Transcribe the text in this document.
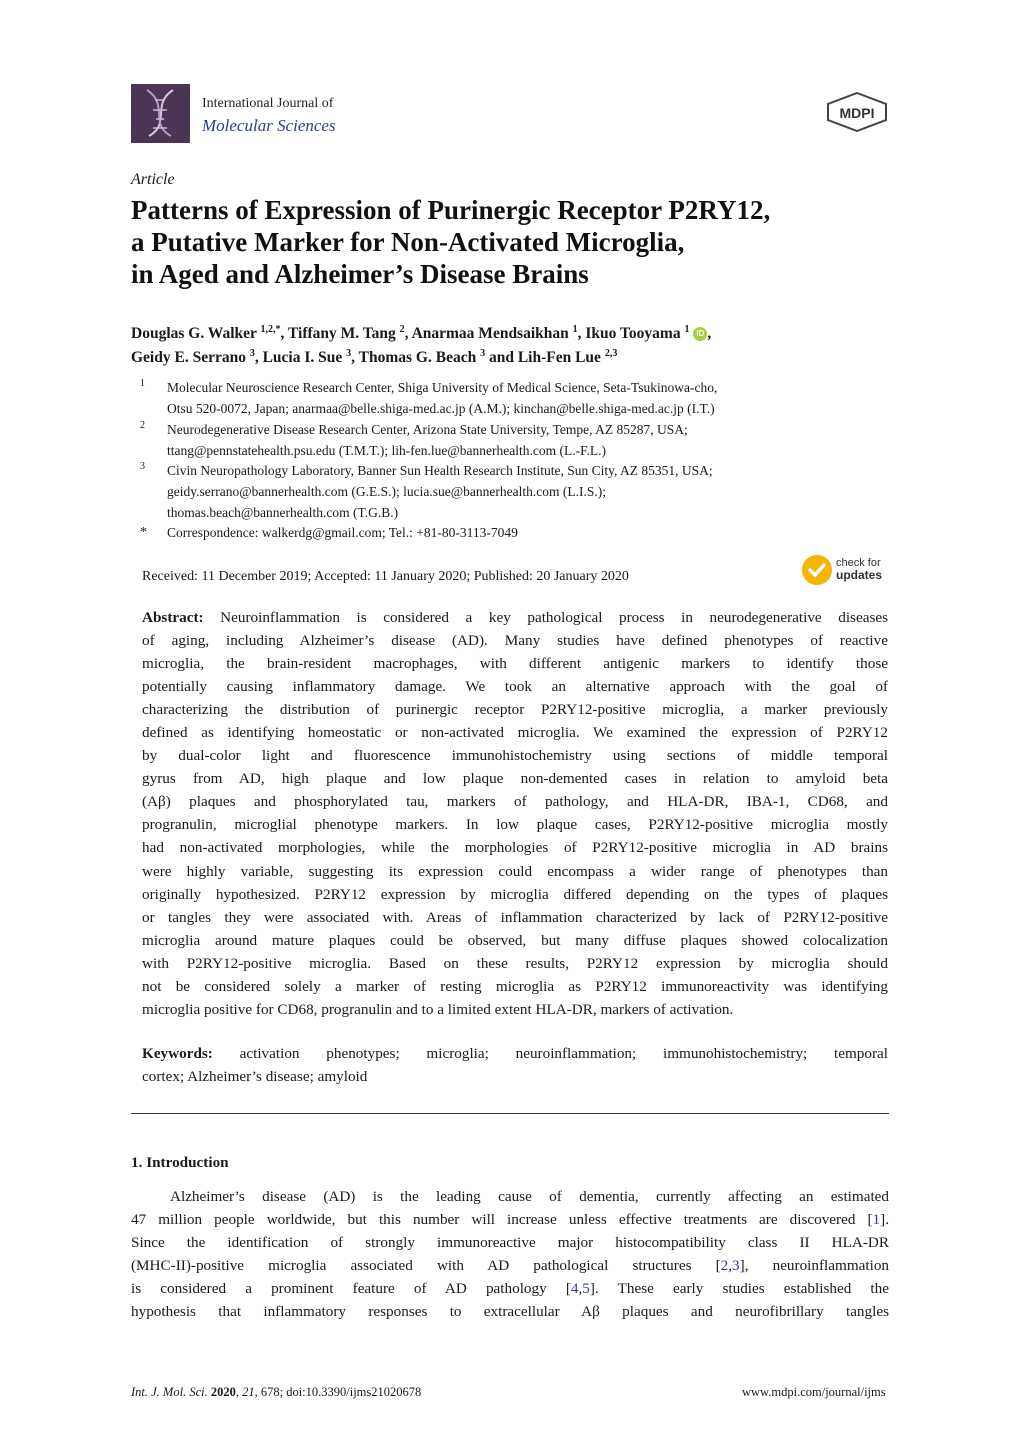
International Journal of
Molecular Sciences
MDPI
Article
Patterns of Expression of Purinergic Receptor P2RY12,
a Putative Marker for Non-Activated Microglia,
in Aged and Alzheimer’s Disease Brains
Douglas G. Walker $^{1,2,*}$, Tiffany M. Tang $^2$, Anarmaa Mendsaikhan $^1$, Ikuo Tooyama $^1$ iD ,
Geidy E. Serrano $^3$, Lucia I. Sue $^3$, Thomas G. Beach $^3$ and Lih-Fen Lue $^{2,3}$
1 Molecular Neuroscience Research Center, Shiga University of Medical Science, Seta-Tsukinowa-cho,
Otsu 520-0072, Japan; anarmaa@belle.shiga-med.ac.jp (A.M.); kinchan@belle.shiga-med.ac.jp (I.T.)
2 Neurodegenerative Disease Research Center, Arizona State University, Tempe, AZ 85287, USA;
ttang@pennstatehealth.psu.edu (T.M.T.); lih-fen.lue@bannerhealth.com (L.-F.L.)
3 Civin Neuropathology Laboratory, Banner Sun Health Research Institute, Sun City, AZ 85351, USA;
geidy.serrano@bannerhealth.com (G.E.S.); lucia.sue@bannerhealth.com (L.I.S.);
thomas.beach@bannerhealth.com (T.G.B.)
* Correspondence: walkerdg@gmail.com; Tel.: +81-80-3113-7049
Received: 11 December 2019; Accepted: 11 January 2020; Published: 20 January 2020
check for
updates
Abstract: Neuroinflammation is considered a key pathological process in neurodegenerative diseases
of aging, including Alzheimer’s disease (AD). Many studies have defined phenotypes of reactive
microglia, the brain-resident macrophages, with different antigenic markers to identify those
potentially causing inflammatory damage. We took an alternative approach with the goal of
characterizing the distribution of purinergic receptor P2RY12-positive microglia, a marker previously
defined as identifying homeostatic or non-activated microglia. We examined the expression of P2RY12
by dual-color light and fluorescence immunohistochemistry using sections of middle temporal
gyrus from AD, high plaque and low plaque non-demented cases in relation to amyloid beta
(Aβ) plaques and phosphorylated tau, markers of pathology, and HLA-DR, IBA-1, CD68, and
progranulin, microglial phenotype markers. In low plaque cases, P2RY12-positive microglia mostly
had non-activated morphologies, while the morphologies of P2RY12-positive microglia in AD brains
were highly variable, suggesting its expression could encompass a wider range of phenotypes than
originally hypothesized. P2RY12 expression by microglia differed depending on the types of plaques
or tangles they were associated with. Areas of inflammation characterized by lack of P2RY12-positive
microglia around mature plaques could be observed, but many diffuse plaques showed colocalization
with P2RY12-positive microglia. Based on these results, P2RY12 expression by microglia should
not be considered solely a marker of resting microglia as P2RY12 immunoreactivity was identifying
microglia positive for CD68, progranulin and to a limited extent HLA-DR, markers of activation.
Keywords: activation phenotypes; microglia; neuroinflammation; immunohistochemistry; temporal
cortex; Alzheimer’s disease; amyloid
1. Introduction
Alzheimer’s disease (AD) is the leading cause of dementia, currently affecting an estimated
47 million people worldwide, but this number will increase unless effective treatments are discovered [1].
Since the identification of strongly immunoreactive major histocompatibility class II HLA-DR
(MHC-II)-positive microglia associated with AD pathological structures [2,3], neuroinflammation
is considered a prominent feature of AD pathology [4,5]. These early studies established the
hypothesis that inflammatory responses to extracellular Aβ plaques and neurofibrillary tangles
Int. J. Mol. Sci. 2020, 21, 678; doi:10.3390/ijms21020678	www.mdpi.com/journal/ijms
